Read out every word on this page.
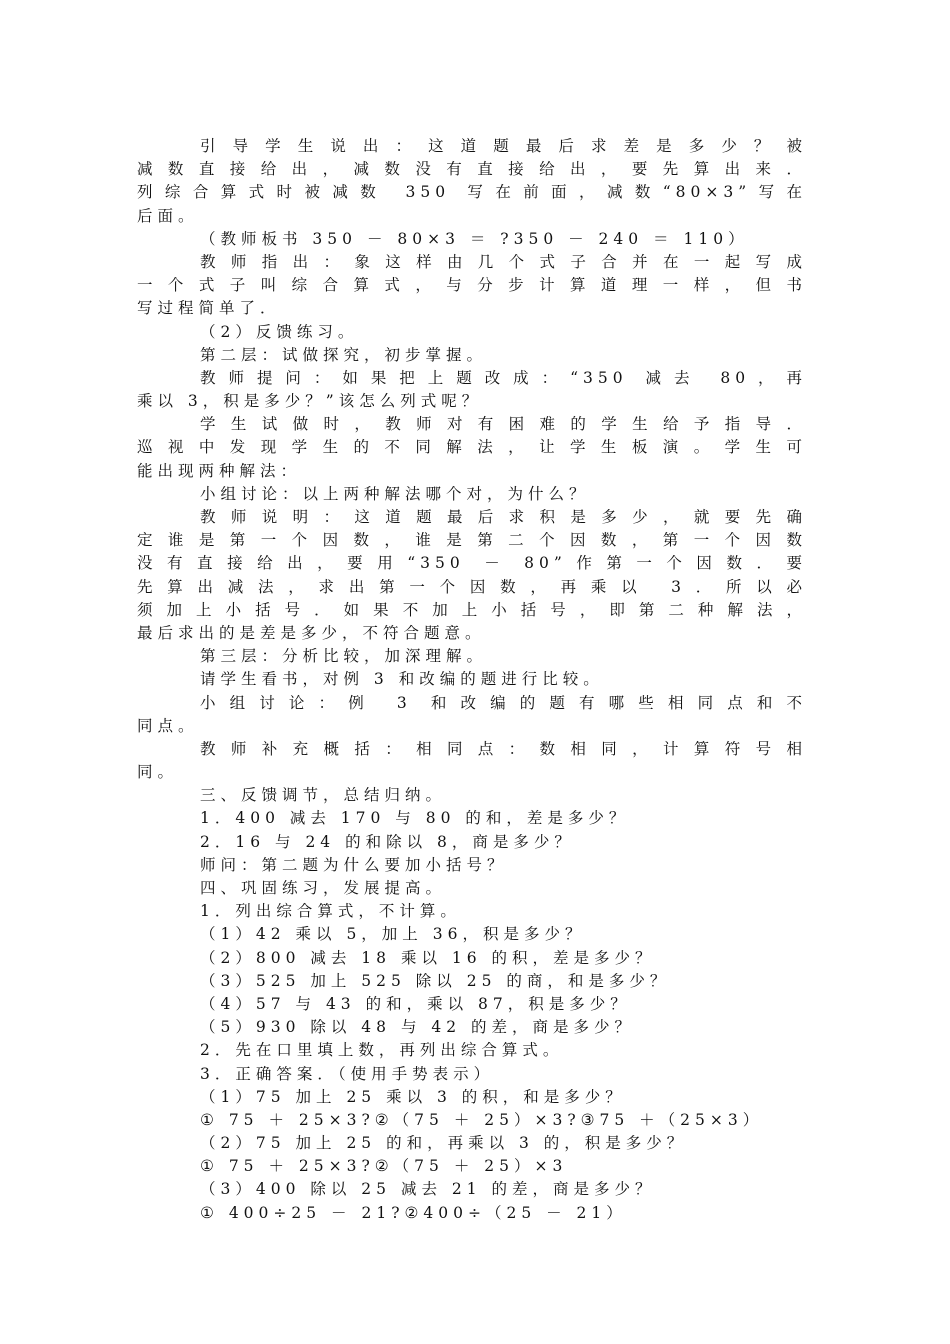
引导学生说出：这道题最后求差是多少？被
减数直接给出，减数没有直接给出，要先算出来．
列综合算式时被减数 350 写在前面，减数“80×3”写在
后面。
（教师板书 350 － 80×3 ＝ ?350 － 240 ＝ 110）
教师指出：象这样由几个式子合并在一起写成
一个式子叫综合算式，与分步计算道理一样，但书
写过程简单了．
（2）反馈练习。
第二层：试做探究，初步掌握。
教师提问：如果把上题改成：“350 减去 80，再
乘以 3，积是多少？”该怎么列式呢？
学生试做时，教师对有困难的学生给予指导．
巡视中发现学生的不同解法，让学生板演。学生可
能出现两种解法：
小组讨论：以上两种解法哪个对，为什么？
教师说明：这道题最后求积是多少，就要先确
定谁是第一个因数，谁是第二个因数，第一个因数
没有直接给出，要用“350 － 80”作第一个因数．要
先算出减法，求出第一个因数，再乘以 3．所以必
须加上小括号．如果不加上小括号，即第二种解法，
最后求出的是差是多少，不符合题意。
第三层：分析比较，加深理解。
请学生看书，对例 3 和改编的题进行比较。
小组讨论：例 3 和改编的题有哪些相同点和不
同点。
教师补充概括：相同点：数相同，计算符号相
同。
三、反馈调节，总结归纳。
1．400 减去 170 与 80 的和，差是多少？
2．16 与 24 的和除以 8，商是多少？
师问：第二题为什么要加小括号？
四、巩固练习，发展提高。
1．列出综合算式，不计算。
（1）42 乘以 5，加上 36，积是多少？
（2）800 减去 18 乘以 16 的积，差是多少？
（3）525 加上 525 除以 25 的商，和是多少？
（4）57 与 43 的和，乘以 87，积是多少？
（5）930 除以 48 与 42 的差，商是多少？
2．先在口里填上数，再列出综合算式。
3．正确答案．（使用手势表示）
（1）75 加上 25 乘以 3 的积，和是多少？
① 75 ＋ 25×3?②（75 ＋ 25）×3?③75 ＋（25×3）
（2）75 加上 25 的和，再乘以 3 的，积是多少？
① 75 ＋ 25×3?②（75 ＋ 25）×3
（3）400 除以 25 减去 21 的差，商是多少？
① 400÷25 － 21?②400÷（25 － 21）
